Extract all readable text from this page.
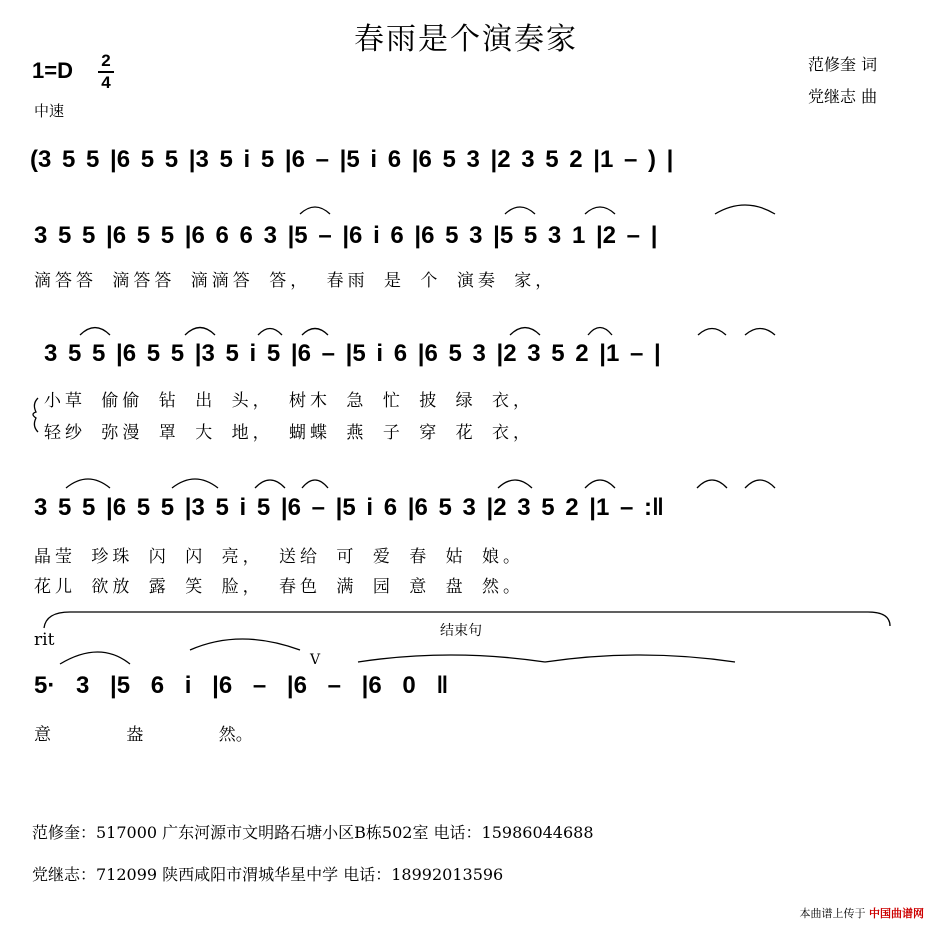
春雨是个演奏家
1=D 2
4
中速
范修奎 词
党继志 曲
(3 5 5 |6 5 5 |3 5 i 5 |6 – |5 i 6 |6 5 3 |2 3 5 2 |1 – ) |
3 5 5 |6 5 5 |6 6 6 3 |5 – |6 i 6 |6 5 3 |5 5 3 1 |2 – |
滴答答 滴答答 滴滴答 答， 春雨 是 个 演奏 家，
3 5 5 |6 5 5 |3 5 i 5 |6 – |5 i 6 |6 5 3 |2 3 5 2 |1 – |
小草 偷偷 钻 出 头， 树木 急 忙 披 绿 衣，
轻纱 弥漫 罩 大 地， 蝴蝶 燕 子 穿 花 衣，
3 5 5 |6 5 5 |3 5 i 5 |6 – |5 i 6 |6 5 3 |2 3 5 2 |1 – :‖
晶莹 珍珠 闪 闪 亮， 送给 可 爱 春 姑 娘。
花儿 欲放 露 笑 脸， 春色 满 园 意 盘 然。
rit	结束句
V
5· 3 |5 6 i |6 – |6 – |6 0 ‖
意 盎 然。
范修奎：517000 广东河源市文明路石塘小区B栋502室 电话：15986044688
党继志：712099 陕西咸阳市渭城华星中学 电话：18992013596
本曲谱上传于 中国曲谱网
